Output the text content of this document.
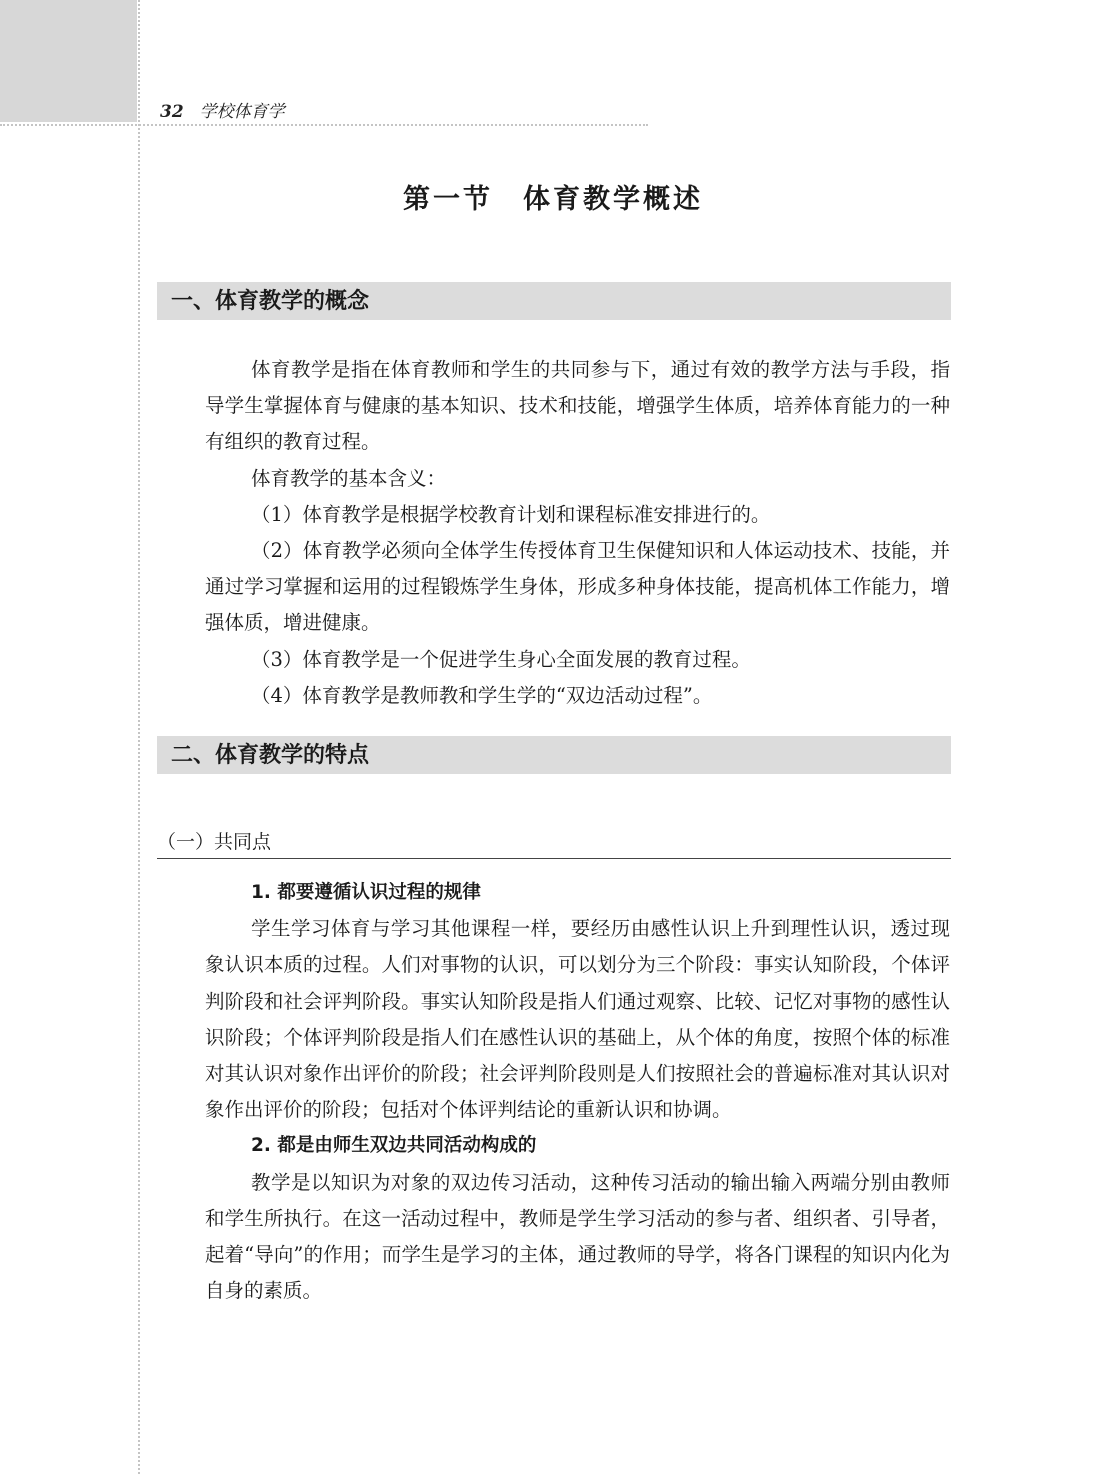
32 学校体育学
第一节 体育教学概述
一、体育教学的概念

体育教学是指在体育教师和学生的共同参与下，通过有效的教学方法与手段，指导学生掌握体育与健康的基本知识、技术和技能，增强学生体质，培养体育能力的一种有组织的教育过程。

体育教学的基本含义：

（1）体育教学是根据学校教育计划和课程标准安排进行的。

（2）体育教学必须向全体学生传授体育卫生保健知识和人体运动技术、技能，并通过学习掌握和运用的过程锻炼学生身体，形成多种身体技能，提高机体工作能力，增强体质，增进健康。

（3）体育教学是一个促进学生身心全面发展的教育过程。

（4）体育教学是教师教和学生学的“双边活动过程”。

二、体育教学的特点
（一）共同点

1. 都要遵循认识过程的规律

学生学习体育与学习其他课程一样，要经历由感性认识上升到理性认识，透过现象认识本质的过程。人们对事物的认识，可以划分为三个阶段：事实认知阶段，个体评判阶段和社会评判阶段。事实认知阶段是指人们通过观察、比较、记忆对事物的感性认识阶段；个体评判阶段是指人们在感性认识的基础上，从个体的角度，按照个体的标准对其认识对象作出评价的阶段；社会评判阶段则是人们按照社会的普遍标准对其认识对象作出评价的阶段；包括对个体评判结论的重新认识和协调。

2. 都是由师生双边共同活动构成的

教学是以知识为对象的双边传习活动，这种传习活动的输出输入两端分别由教师和学生所执行。在这一活动过程中，教师是学生学习活动的参与者、组织者、引导者，起着“导向”的作用；而学生是学习的主体，通过教师的导学，将各门课程的知识内化为自身的素质。
